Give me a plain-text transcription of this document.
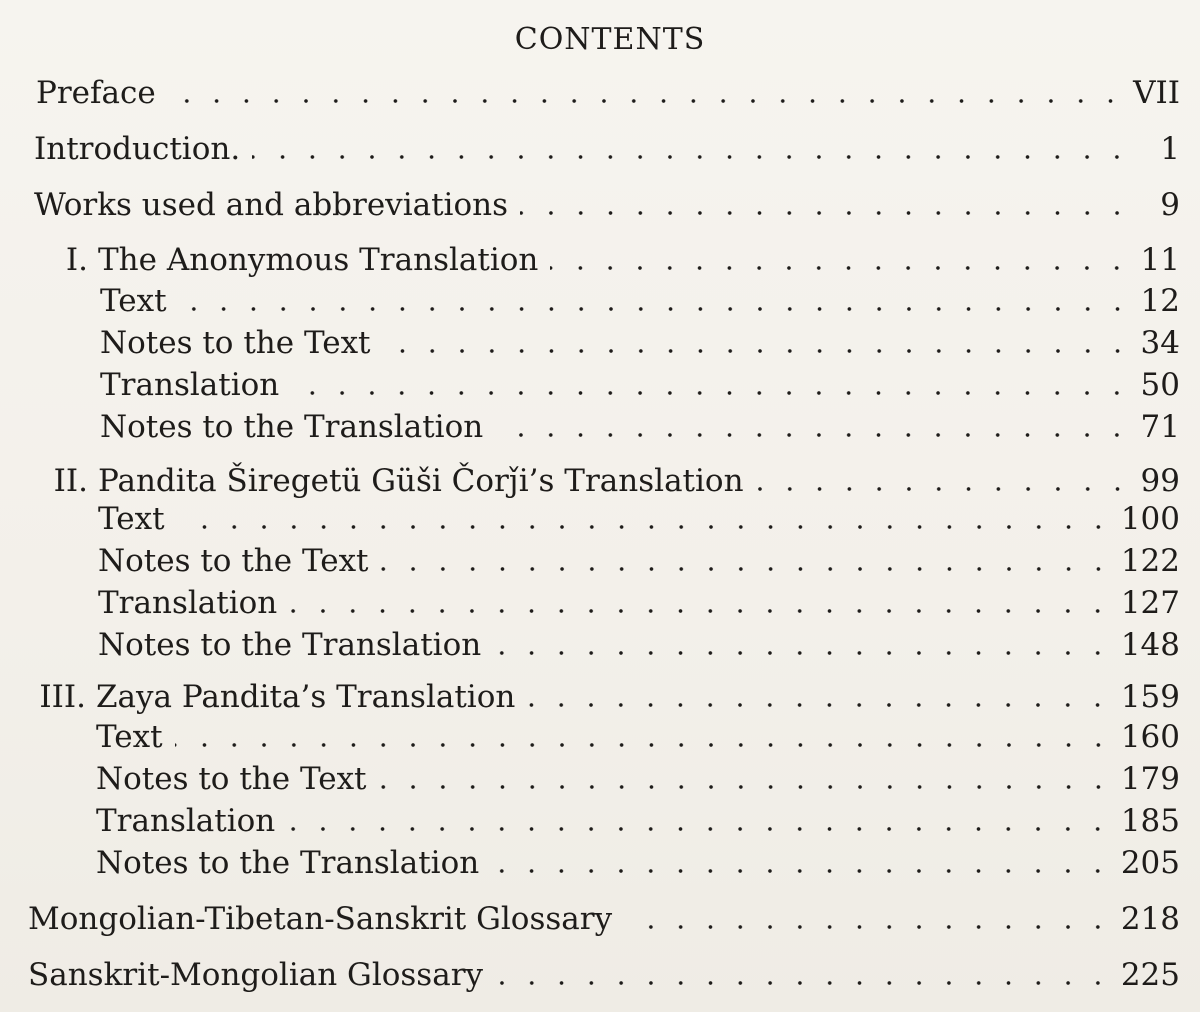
CONTENTS
Preface	VII
Introduction.	1
Works used and abbreviations	9
I. The Anonymous Translation	11
Text	12
Notes to the Text	34
Translation	50
Notes to the Translation	71
II. Pandita Širegetü Güši Čorǰi’s Translation	99
Text	100
Notes to the Text	122
Translation	127
Notes to the Translation	148
III. Zaya Pandita’s Translation	159
Text	160
Notes to the Text	179
Translation	185
Notes to the Translation	205
Mongolian-Tibetan-Sanskrit Glossary	218
Sanskrit-Mongolian Glossary	225
